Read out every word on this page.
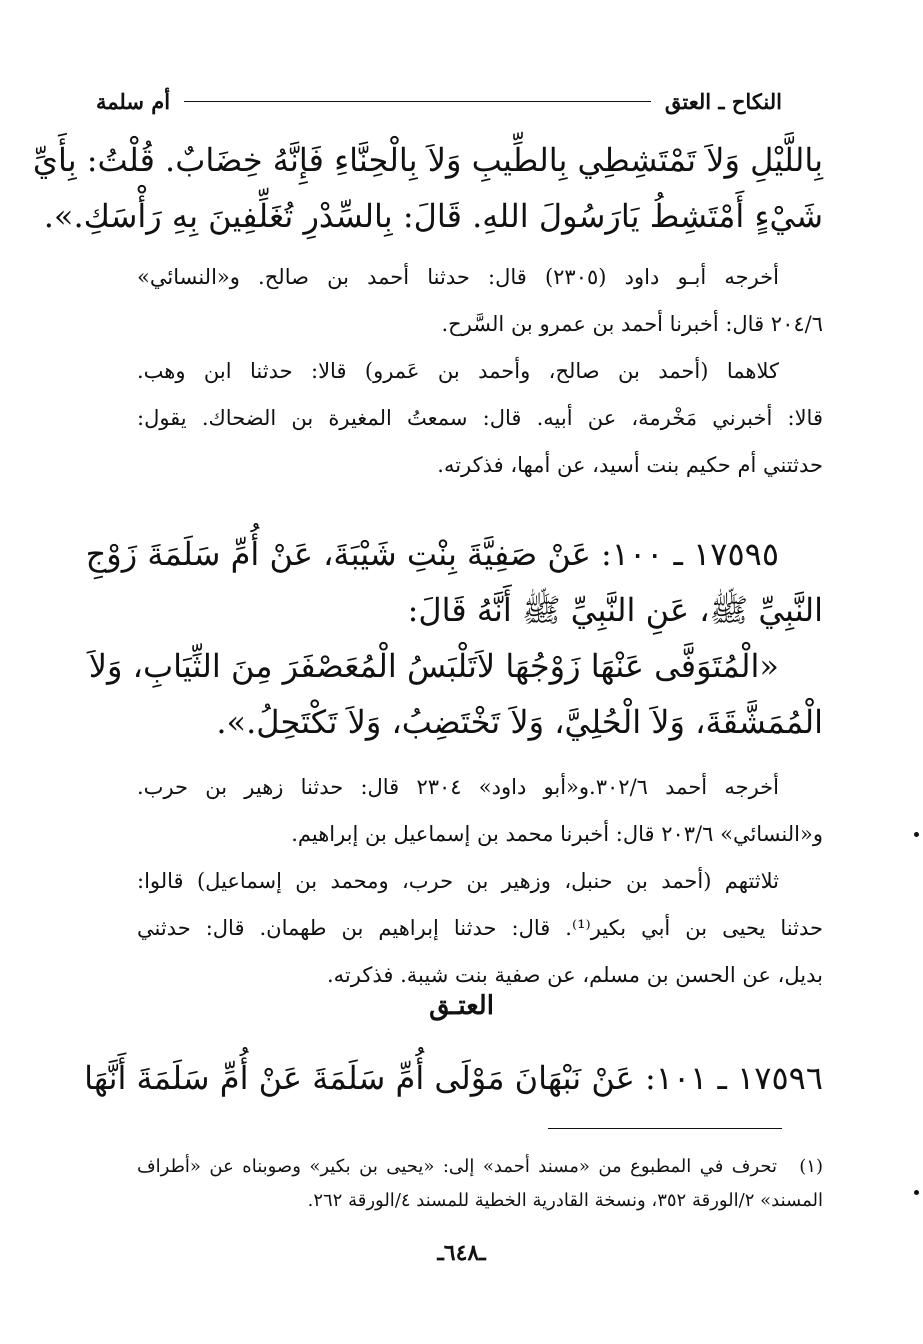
النكاح ـ العتق
أم سلمة
بِاللَّيْلِ وَلاَ تَمْتَشِطِي بِالطِّيبِ وَلاَ بِالْحِنَّاءِ فَإِنَّهُ خِضَابٌ. قُلْتُ: بِأَيِّ
شَيْءٍ أَمْتَشِطُ يَارَسُولَ اللهِ. قَالَ: بِالسِّدْرِ تُغَلِّفِينَ بِهِ رَأْسَكِ.».
أخرجه أبـو داود (٢٣٠٥) قال: حدثنا أحمد بن صالح. و«النسائي»
٢٠٤/٦ قال: أخبرنا أحمد بن عمرو بن السَّرح.
كلاهما (أحمد بن صالح، وأحمد بن عَمرو) قالا: حدثنا ابن وهب.
قالا: أخبرني مَخْرمة، عن أبيه. قال: سمعتُ المغيرة بن الضحاك. يقول:
حدثتني أم حكيم بنت أسيد، عن أمها، فذكرته.
١٧٥٩٥ ـ ١٠٠: عَنْ صَفِيَّةَ بِنْتِ شَيْبَةَ، عَنْ أُمِّ سَلَمَةَ زَوْجِ
النَّبِيِّ ﷺ، عَنِ النَّبِيِّ ﷺ أَنَّهُ قَالَ:
«الْمُتَوَفَّى عَنْهَا زَوْجُهَا لاَتَلْبَسُ الْمُعَصْفَرَ مِنَ الثِّيَابِ، وَلاَ
الْمُمَشَّقَةَ، وَلاَ الْحُلِيَّ، وَلاَ تَخْتَضِبُ، وَلاَ تَكْتَحِلُ.».
أخرجه أحمد ٣٠٢/٦.و«أبو داود» ٢٣٠٤ قال: حدثنا زهير بن حرب.
و«النسائي» ٢٠٣/٦ قال: أخبرنا محمد بن إسماعيل بن إبراهيم.
ثلاثتهم (أحمد بن حنبل، وزهير بن حرب، ومحمد بن إسماعيل) قالوا:
حدثنا يحيى بن أبي بكير⁽¹⁾. قال: حدثنا إبراهيم بن طهمان. قال: حدثني
بديل، عن الحسن بن مسلم، عن صفية بنت شيبة. فذكرته.
العتـق
١٧٥٩٦ ـ ١٠١: عَنْ نَبْهَانَ مَوْلَى أُمِّ سَلَمَةَ عَنْ أُمِّ سَلَمَةَ أَنَّهَا
(١)تحرف في المطبوع من «مسند أحمد» إلى: «يحيى بن بكير» وصوبناه عن «أطراف
المسند» ٢/الورقة ٣٥٢، ونسخة القادرية الخطية للمسند ٤/الورقة ٢٦٢.
ـ٦٤٨ـ
